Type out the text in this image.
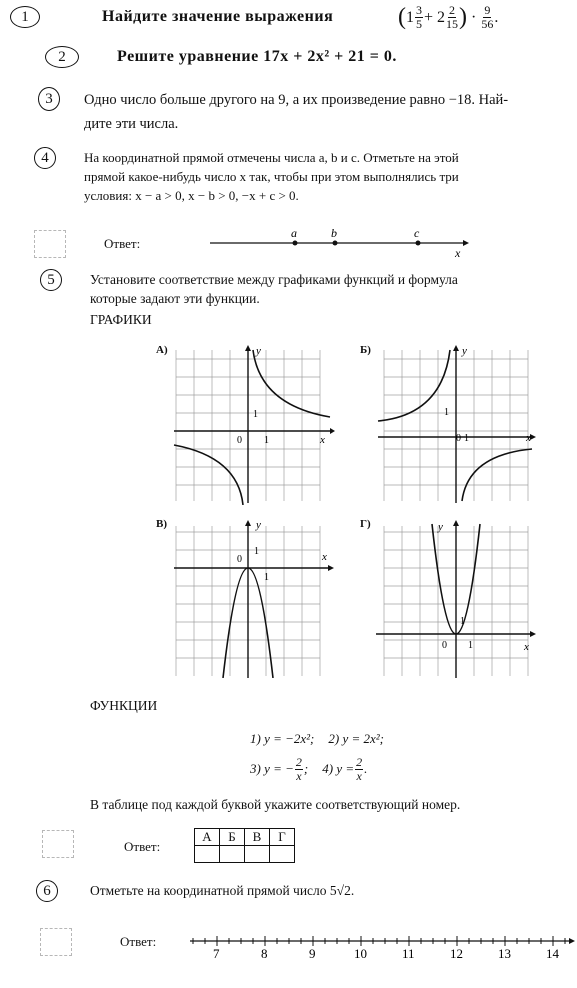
1	Найдите значение выражения	( $1 \frac{3}{5} + 2 \frac{2}{15}$ ) · $\frac{9}{56}$ .
2	Решите уравнение 17x + 2x² + 21 = 0.
3	Одно число больше другого на 9, а их произведение равно −18. Най-
дите эти числа.
4	На координатной прямой отмечены числа a, b и c. Отметьте на этой
прямой какое-нибудь число x так, чтобы при этом выполнялись три
условия: x − a > 0, x − b > 0, −x + c > 0.
Ответ:
a	b	c
x
5	Установите соответствие между графиками функций и формула
которые задают эти функции.
ГРАФИКИ
А)	y
x
0 1
1
Б)	y
x
0 1
1
В)	y
x
0
1
1
Г)	y
x
0 1
1
ФУНКЦИИ
1) y = −2x²; 2) y = 2x²;
3) y = − $\frac{2}{x}$ ; 4) $y = \frac{2}{x}$ .
В таблице под каждой буквой укажите соответствующий номер.
Ответ:
А	Б	В	Г

6	Отметьте на координатной прямой число 5√2.
Ответ:
7	8	9	10	11	12	13	14
